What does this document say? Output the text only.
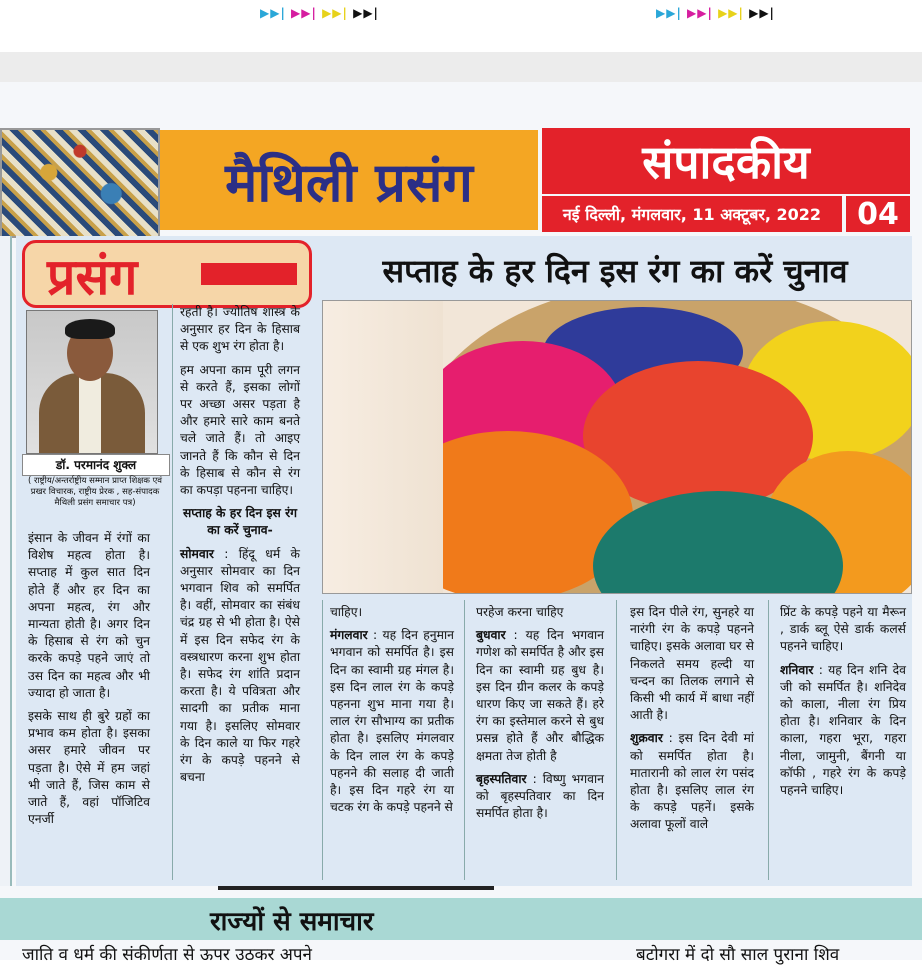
▶▶| ▶▶| ▶▶| ▶▶|	▶▶| ▶▶| ▶▶| ▶▶|
मैथिली प्रसंग	संपादकीय
नई दिल्ली, मंगलवार, 11 अक्टूबर, 2022	04
प्रसंग	सप्ताह के हर दिन इस रंग का करें चुनाव
डॉ. परमानंद शुक्ल
( राष्ट्रीय/अन्तर्राष्ट्रीय सम्मान प्राप्त शिक्षक एवं प्रखर विचारक, राष्ट्रीय प्रेरक , सह-संपादक मैथिली प्रसंग समाचार पत्र)

इंसान के जीवन में रंगों का विशेष महत्व होता है। सप्ताह में कुल सात दिन होते हैं और हर दिन का अपना महत्व, रंग और मान्यता होती है। अगर दिन के हिसाब से रंग को चुन करके कपड़े पहने जाएं तो उस दिन का महत्व और भी ज्यादा हो जाता है।

इसके साथ ही बुरे ग्रहों का प्रभाव कम होता है। इसका असर हमारे जीवन पर पड़ता है। ऐसे में हम जहां भी जाते हैं, जिस काम से जाते हैं, वहां पॉजिटिव एनर्जी

रहती है। ज्योतिष शास्त्र के अनुसार हर दिन के हिसाब से एक शुभ रंग होता है।

हम अपना काम पूरी लगन से करते हैं, इसका लोगों पर अच्छा असर पड़ता है और हमारे सारे काम बनते चले जाते हैं। तो आइए जानते हैं कि कौन से दिन के हिसाब से कौन से रंग का कपड़ा पहनना चाहिए।

सप्ताह के हर दिन इस रंग का करें चुनाव-

सोमवार : हिंदू धर्म के अनुसार सोमवार का दिन भगवान शिव को समर्पित है। वहीं, सोमवार का संबंध चंद्र ग्रह से भी होता है। ऐसे में इस दिन सफेद रंग के वस्त्रधारण करना शुभ होता है। सफेद रंग शांति प्रदान करता है। ये पवित्रता और सादगी का प्रतीक माना गया है। इसलिए सोमवार के दिन काले या फिर गहरे रंग के कपड़े पहनने से बचना

चाहिए।

मंगलवार : यह दिन हनुमान भगवान को समर्पित है। इस दिन का स्वामी ग्रह मंगल है। इस दिन लाल रंग के कपड़े पहनना शुभ माना गया है। लाल रंग सौभाग्य का प्रतीक होता है। इसलिए मंगलवार के दिन लाल रंग के कपड़े पहनने की सलाह दी जाती है। इस दिन गहरे रंग या चटक रंग के कपड़े पहनने से

परहेज करना चाहिए

बुधवार : यह दिन भगवान गणेश को समर्पित है और इस दिन का स्वामी ग्रह बुध है। इस दिन ग्रीन कलर के कपड़े धारण किए जा सकते हैं। हरे रंग का इस्तेमाल करने से बुध प्रसन्न होते हैं और बौद्धिक क्षमता तेज होती है

बृहस्पतिवार : विष्णु भगवान को बृहस्पतिवार का दिन समर्पित होता है।

इस दिन पीले रंग, सुनहरे या नारंगी रंग के कपड़े पहनने चाहिए। इसके अलावा घर से निकलते समय हल्दी या चन्दन का तिलक लगाने से किसी भी कार्य में बाधा नहीं आती है।

शुक्रवार : इस दिन देवी मां को समर्पित होता है। मातारानी को लाल रंग पसंद होता है। इसलिए लाल रंग के कपड़े पहनें। इसके अलावा फूलों वाले

प्रिंट के कपड़े पहने या मैरून , डार्क ब्लू ऐसे डार्क कलर्स पहनने चाहिए।

शनिवार : यह दिन शनि देव जी को समर्पित है। शनिदेव को काला, नीला रंग प्रिय होता है। शनिवार के दिन काला, गहरा भूरा, गहरा नीला, जामुनी, बैंगनी या कॉफी , गहरे रंग के कपड़े पहनने चाहिए।

राज्यों से समाचार
जाति व धर्म की संकीर्णता से ऊपर उठकर अपने	बटोगरा में दो सौ साल पुराना शिव
